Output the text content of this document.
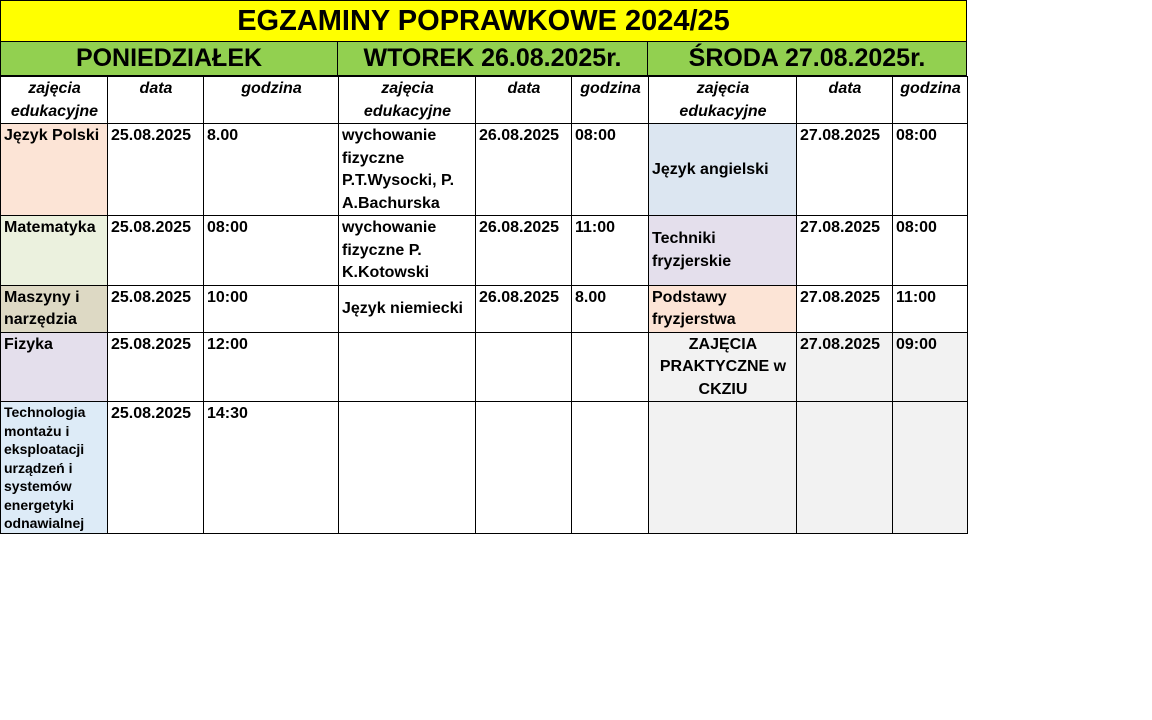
EGZAMINY POPRAWKOWE 2024/25
PONIEDZIAŁEK	WTOREK 26.08.2025r.	ŚRODA 27.08.2025r.
zajęcia edukacyjne	data	godzina	zajęcia edukacyjne	data	godzina	zajęcia edukacyjne	data	godzina
Język Polski	25.08.2025	8.00	wychowanie fizyczne P.T.Wysocki, P. A.Bachurska	26.08.2025	08:00	Język angielski	27.08.2025	08:00
Matematyka	25.08.2025	08:00	wychowanie fizyczne P. K.Kotowski	26.08.2025	11:00	Techniki fryzjerskie	27.08.2025	08:00
Maszyny i narzędzia	25.08.2025	10:00	Język niemiecki	26.08.2025	8.00	Podstawy fryzjerstwa	27.08.2025	11:00
Fizyka	25.08.2025	12:00				ZAJĘCIA PRAKTYCZNE w CKZIU	27.08.2025	09:00
Technologia montażu i eksploatacji urządzeń i systemów energetyki odnawialnej	25.08.2025	14:30						
